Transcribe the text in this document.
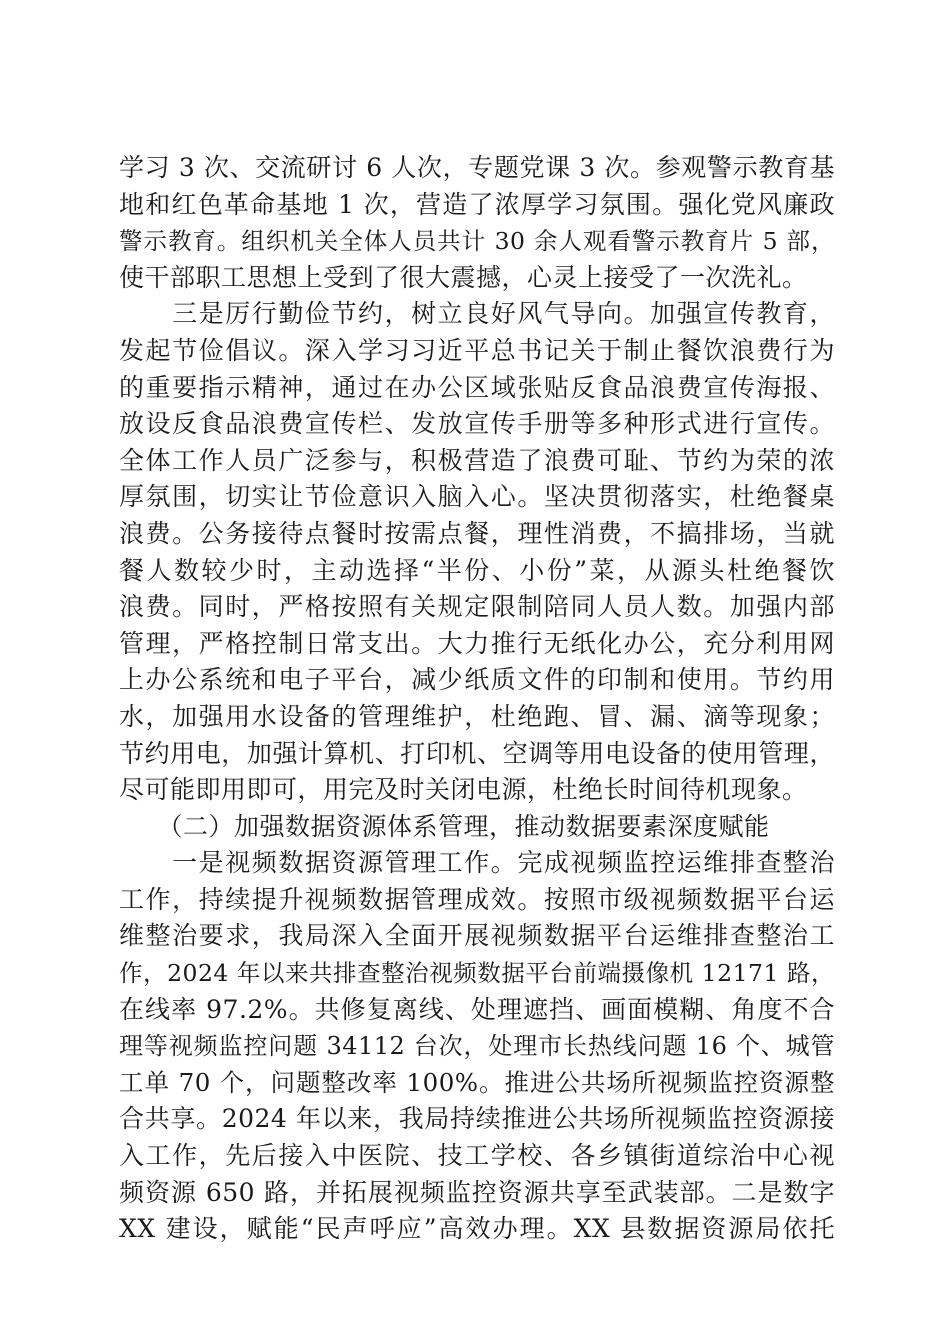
学习 3 次、交流研讨 6 人次，专题党课 3 次。参观警示教育基
地和红色革命基地 1 次，营造了浓厚学习氛围。强化党风廉政
警示教育。组织机关全体人员共计 30 余人观看警示教育片 5 部，
使干部职工思想上受到了很大震撼，心灵上接受了一次洗礼。
　　三是厉行勤俭节约，树立良好风气导向。加强宣传教育，
发起节俭倡议。深入学习习近平总书记关于制止餐饮浪费行为
的重要指示精神，通过在办公区域张贴反食品浪费宣传海报、
放设反食品浪费宣传栏、发放宣传手册等多种形式进行宣传。
全体工作人员广泛参与，积极营造了浪费可耻、节约为荣的浓
厚氛围，切实让节俭意识入脑入心。坚决贯彻落实，杜绝餐桌
浪费。公务接待点餐时按需点餐，理性消费，不搞排场，当就
餐人数较少时，主动选择“半份、小份”菜，从源头杜绝餐饮
浪费。同时，严格按照有关规定限制陪同人员人数。加强内部
管理，严格控制日常支出。大力推行无纸化办公，充分利用网
上办公系统和电子平台，减少纸质文件的印制和使用。节约用
水，加强用水设备的管理维护，杜绝跑、冒、漏、滴等现象；
节约用电，加强计算机、打印机、空调等用电设备的使用管理，
尽可能即用即可，用完及时关闭电源，杜绝长时间待机现象。
　　（二）加强数据资源体系管理，推动数据要素深度赋能
　　一是视频数据资源管理工作。完成视频监控运维排查整治
工作，持续提升视频数据管理成效。按照市级视频数据平台运
维整治要求，我局深入全面开展视频数据平台运维排查整治工
作，2024 年以来共排查整治视频数据平台前端摄像机 12171 路，
在线率 97.2%。共修复离线、处理遮挡、画面模糊、角度不合
理等视频监控问题 34112 台次，处理市长热线问题 16 个、城管
工单 70 个，问题整改率 100%。推进公共场所视频监控资源整
合共享。2024 年以来，我局持续推进公共场所视频监控资源接
入工作，先后接入中医院、技工学校、各乡镇街道综治中心视
频资源 650 路，并拓展视频监控资源共享至武装部。二是数字
XX 建设，赋能“民声呼应”高效办理。XX 县数据资源局依托
